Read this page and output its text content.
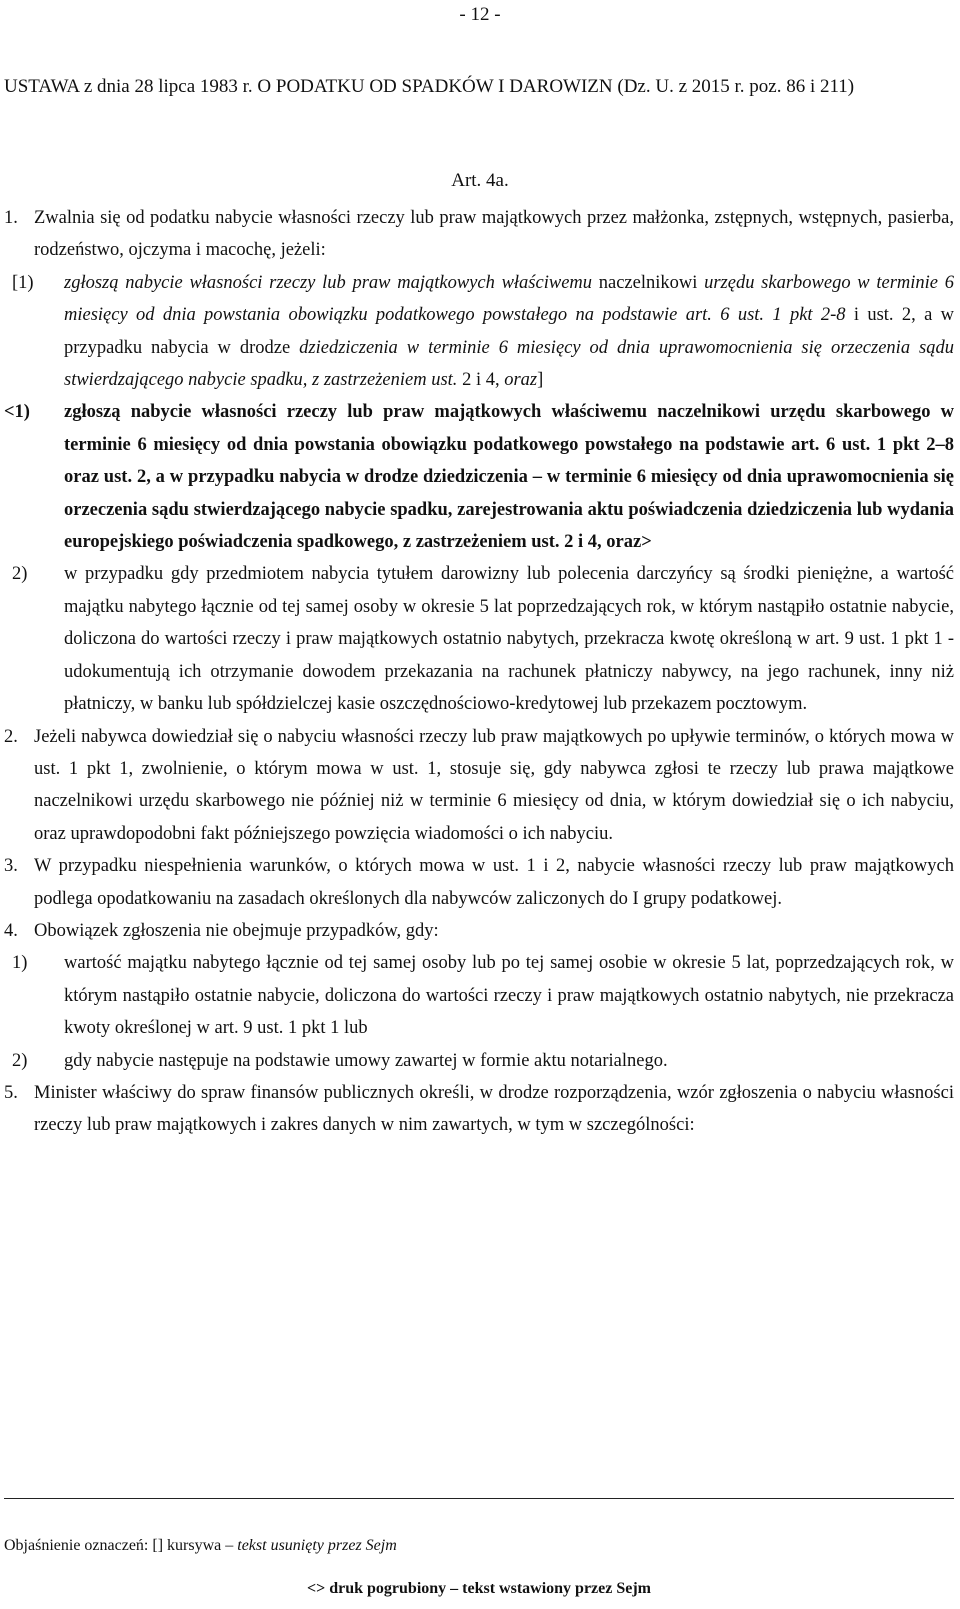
- 12 -
USTAWA z dnia 28 lipca 1983 r. O PODATKU OD SPADKÓW I DAROWIZN (Dz. U. z 2015 r. poz. 86 i 211)
Art. 4a.
1. Zwalnia się od podatku nabycie własności rzeczy lub praw majątkowych przez małżonka, zstępnych, wstępnych, pasierba, rodzeństwo, ojczyma i macochę, jeżeli:
[1) zgłoszą nabycie własności rzeczy lub praw majątkowych właściwemu naczelnikowi urzędu skarbowego w terminie 6 miesięcy od dnia powstania obowiązku podatkowego powstałego na podstawie art. 6 ust. 1 pkt 2-8 i ust. 2, a w przypadku nabycia w drodze dziedziczenia w terminie 6 miesięcy od dnia uprawomocnienia się orzeczenia sądu stwierdzającego nabycie spadku, z zastrzeżeniem ust. 2 i 4, oraz]
<1) zgłoszą nabycie własności rzeczy lub praw majątkowych właściwemu naczelnikowi urzędu skarbowego w terminie 6 miesięcy od dnia powstania obowiązku podatkowego powstałego na podstawie art. 6 ust. 1 pkt 2–8 oraz ust. 2, a w przypadku nabycia w drodze dziedziczenia – w terminie 6 miesięcy od dnia uprawomocnienia się orzeczenia sądu stwierdzającego nabycie spadku, zarejestrowania aktu poświadczenia dziedziczenia lub wydania europejskiego poświadczenia spadkowego, z zastrzeżeniem ust. 2 i 4, oraz>
2) w przypadku gdy przedmiotem nabycia tytułem darowizny lub polecenia darczyńcy są środki pieniężne, a wartość majątku nabytego łącznie od tej samej osoby w okresie 5 lat poprzedzających rok, w którym nastąpiło ostatnie nabycie, doliczona do wartości rzeczy i praw majątkowych ostatnio nabytych, przekracza kwotę określoną w art. 9 ust. 1 pkt 1 - udokumentują ich otrzymanie dowodem przekazania na rachunek płatniczy nabywcy, na jego rachunek, inny niż płatniczy, w banku lub spółdzielczej kasie oszczędnościowo-kredytowej lub przekazem pocztowym.
2. Jeżeli nabywca dowiedział się o nabyciu własności rzeczy lub praw majątkowych po upływie terminów, o których mowa w ust. 1 pkt 1, zwolnienie, o którym mowa w ust. 1, stosuje się, gdy nabywca zgłosi te rzeczy lub prawa majątkowe naczelnikowi urzędu skarbowego nie później niż w terminie 6 miesięcy od dnia, w którym dowiedział się o ich nabyciu, oraz uprawdopodobni fakt późniejszego powzięcia wiadomości o ich nabyciu.
3. W przypadku niespełnienia warunków, o których mowa w ust. 1 i 2, nabycie własności rzeczy lub praw majątkowych podlega opodatkowaniu na zasadach określonych dla nabywców zaliczonych do I grupy podatkowej.
4. Obowiązek zgłoszenia nie obejmuje przypadków, gdy:
1) wartość majątku nabytego łącznie od tej samej osoby lub po tej samej osobie w okresie 5 lat, poprzedzających rok, w którym nastąpiło ostatnie nabycie, doliczona do wartości rzeczy i praw majątkowych ostatnio nabytych, nie przekracza kwoty określonej w art. 9 ust. 1 pkt 1 lub
2) gdy nabycie następuje na podstawie umowy zawartej w formie aktu notarialnego.
5. Minister właściwy do spraw finansów publicznych określi, w drodze rozporządzenia, wzór zgłoszenia o nabyciu własności rzeczy lub praw majątkowych i zakres danych w nim zawartych, w tym w szczególności:
Objaśnienie oznaczeń: [] kursywa – tekst usunięty przez Sejm
<> druk pogrubiony – tekst wstawiony przez Sejm
